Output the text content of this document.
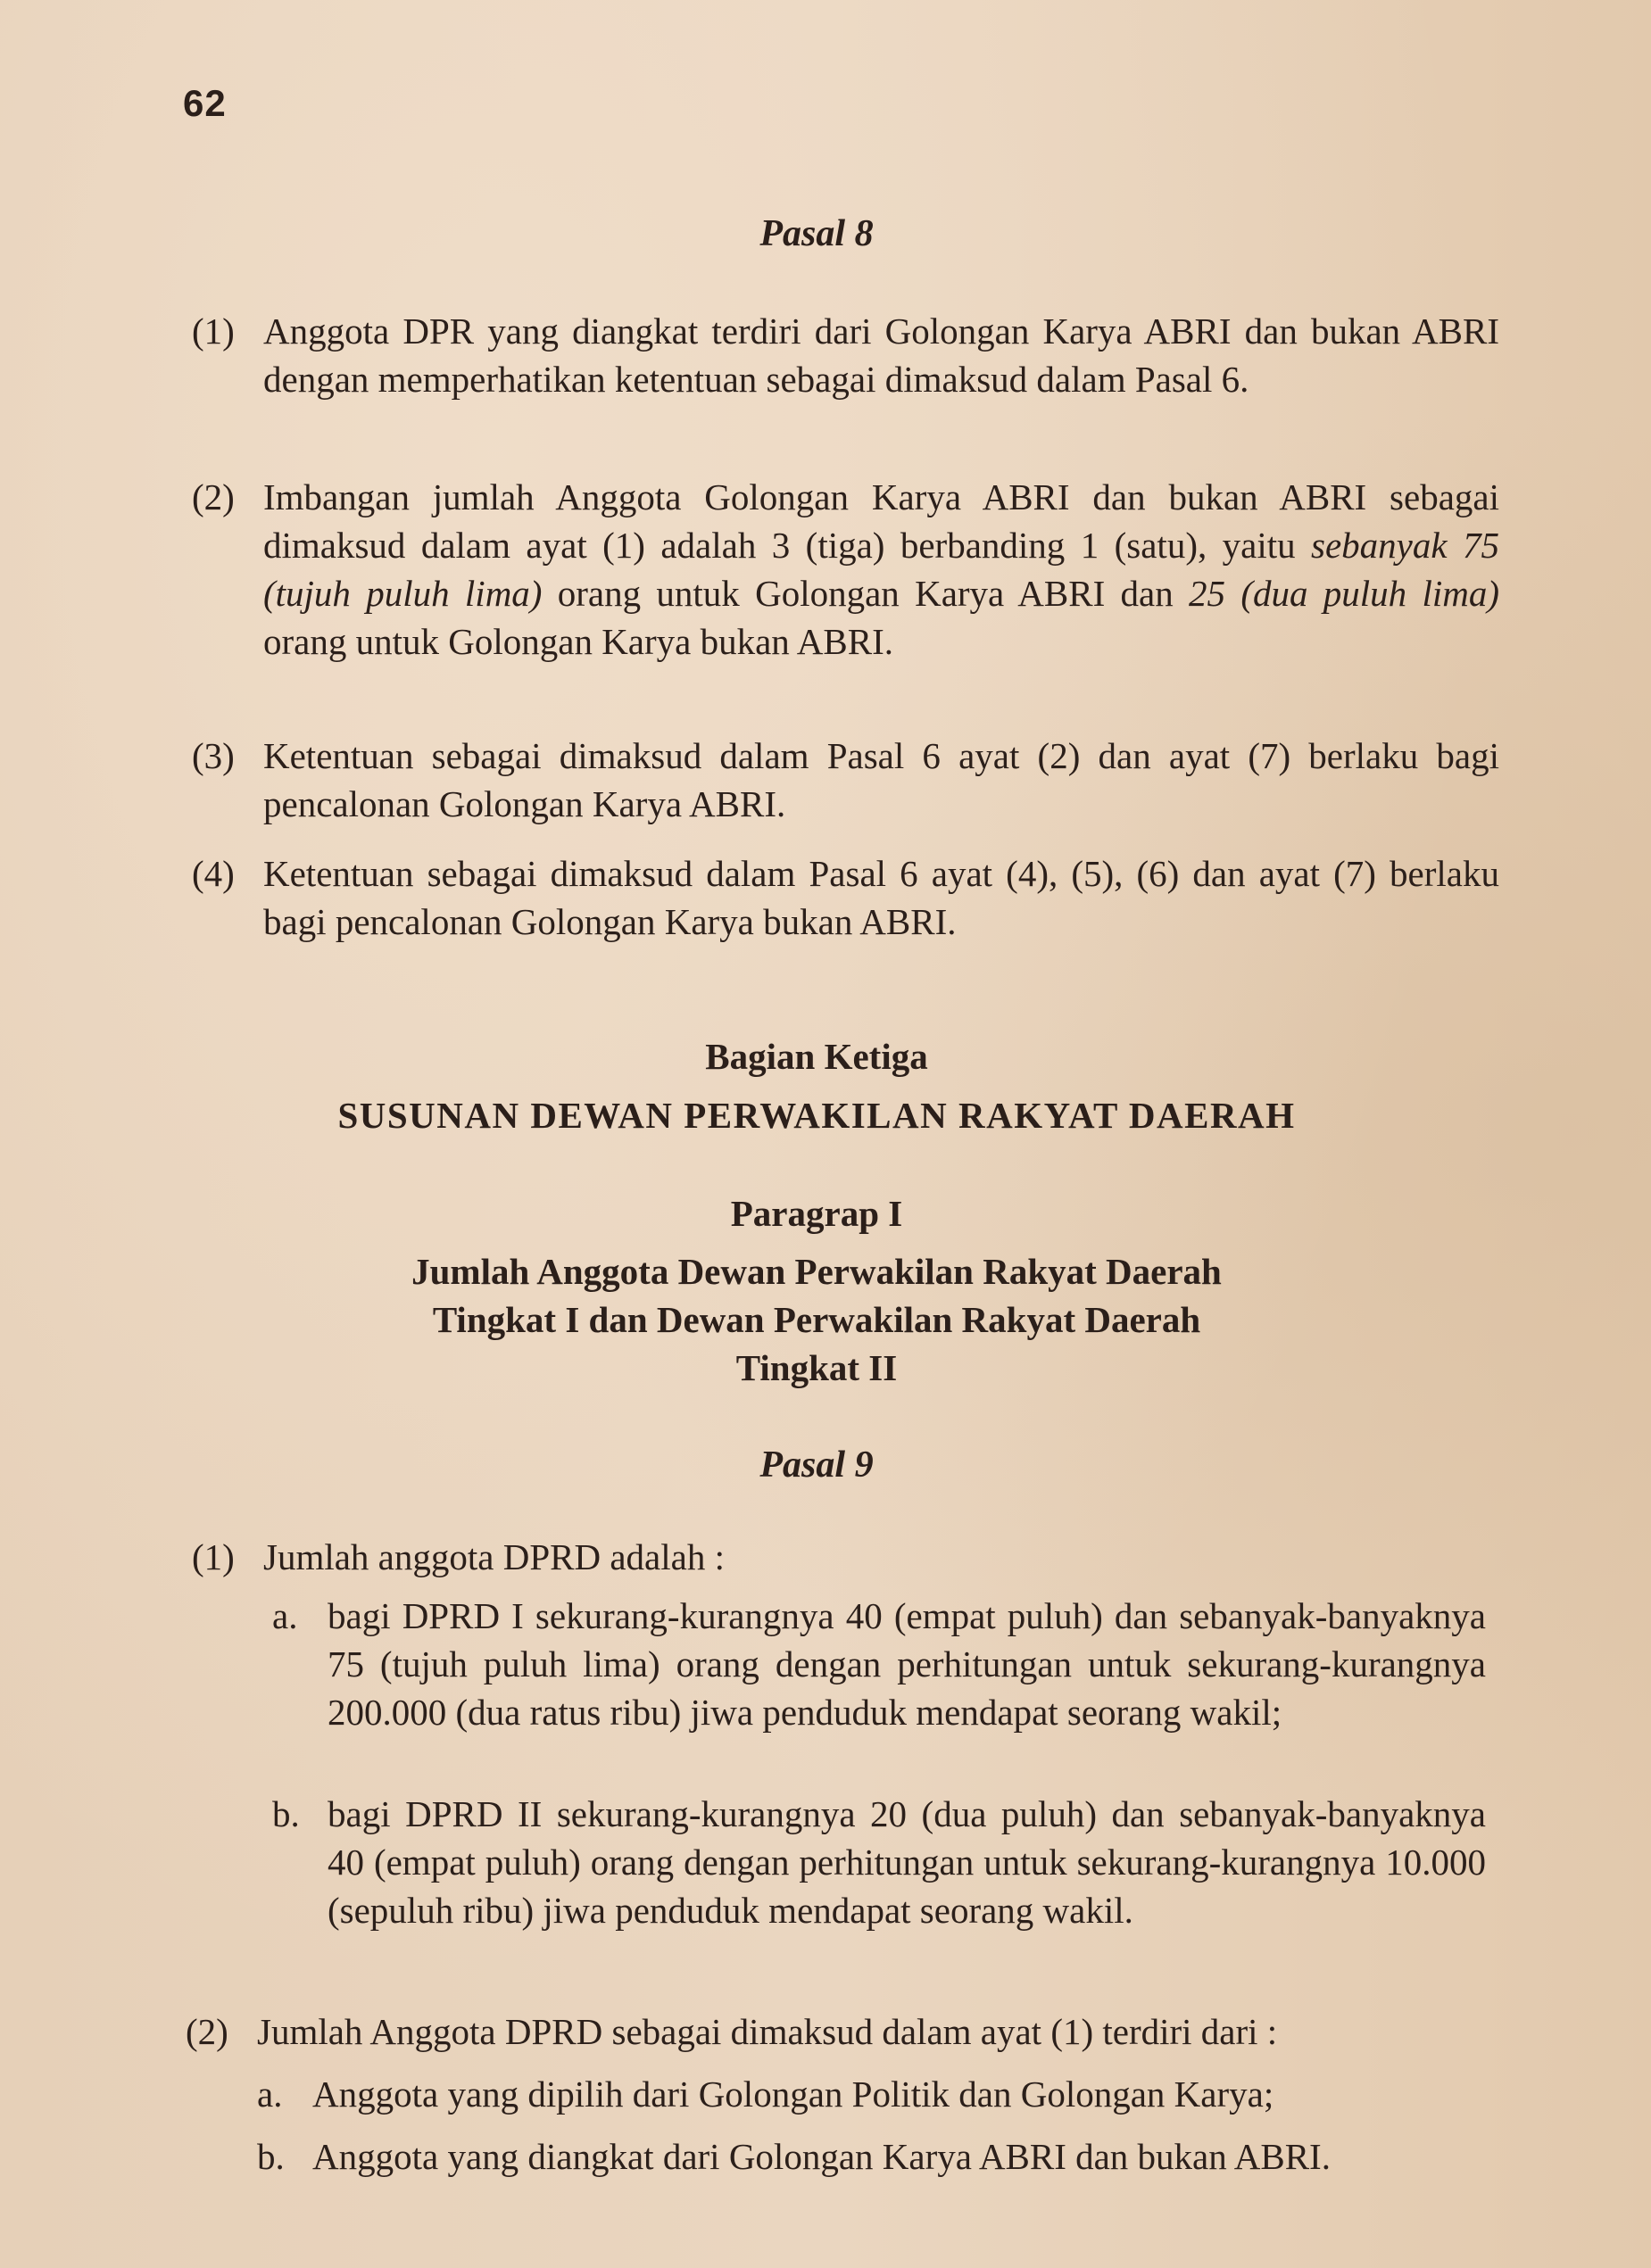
62
Pasal 8
(1) Anggota DPR yang diangkat terdiri dari Golongan Karya ABRI dan bukan ABRI dengan memperhatikan ketentuan sebagai dimaksud dalam Pasal 6.
(2) Imbangan jumlah Anggota Golongan Karya ABRI dan bukan ABRI sebagai dimaksud dalam ayat (1) adalah 3 (tiga) berbanding 1 (satu), yaitu sebanyak 75 (tujuh puluh lima) orang untuk Golongan Karya ABRI dan 25 (dua puluh lima) orang untuk Golongan Karya bukan ABRI.
(3) Ketentuan sebagai dimaksud dalam Pasal 6 ayat (2) dan ayat (7) berlaku bagi pencalonan Golongan Karya ABRI.
(4) Ketentuan sebagai dimaksud dalam Pasal 6 ayat (4), (5), (6) dan ayat (7) berlaku bagi pencalonan Golongan Karya bukan ABRI.
Bagian Ketiga
SUSUNAN DEWAN PERWAKILAN RAKYAT DAERAH
Paragrap I
Jumlah Anggota Dewan Perwakilan Rakyat Daerah
Tingkat I dan Dewan Perwakilan Rakyat Daerah
Tingkat II
Pasal 9
(1) Jumlah anggota DPRD adalah :
a. bagi DPRD I sekurang-kurangnya 40 (empat puluh) dan sebanyak-banyaknya 75 (tujuh puluh lima) orang dengan perhitungan untuk sekurang-kurangnya 200.000 (dua ratus ribu) jiwa penduduk mendapat seorang wakil;
b. bagi DPRD II sekurang-kurangnya 20 (dua puluh) dan sebanyak-banyaknya 40 (empat puluh) orang dengan perhitungan untuk sekurang-kurangnya 10.000 (sepuluh ribu) jiwa penduduk mendapat seorang wakil.
(2) Jumlah Anggota DPRD sebagai dimaksud dalam ayat (1) terdiri dari :
a. Anggota yang dipilih dari Golongan Politik dan Golongan Karya;
b. Anggota yang diangkat dari Golongan Karya ABRI dan bukan ABRI.
